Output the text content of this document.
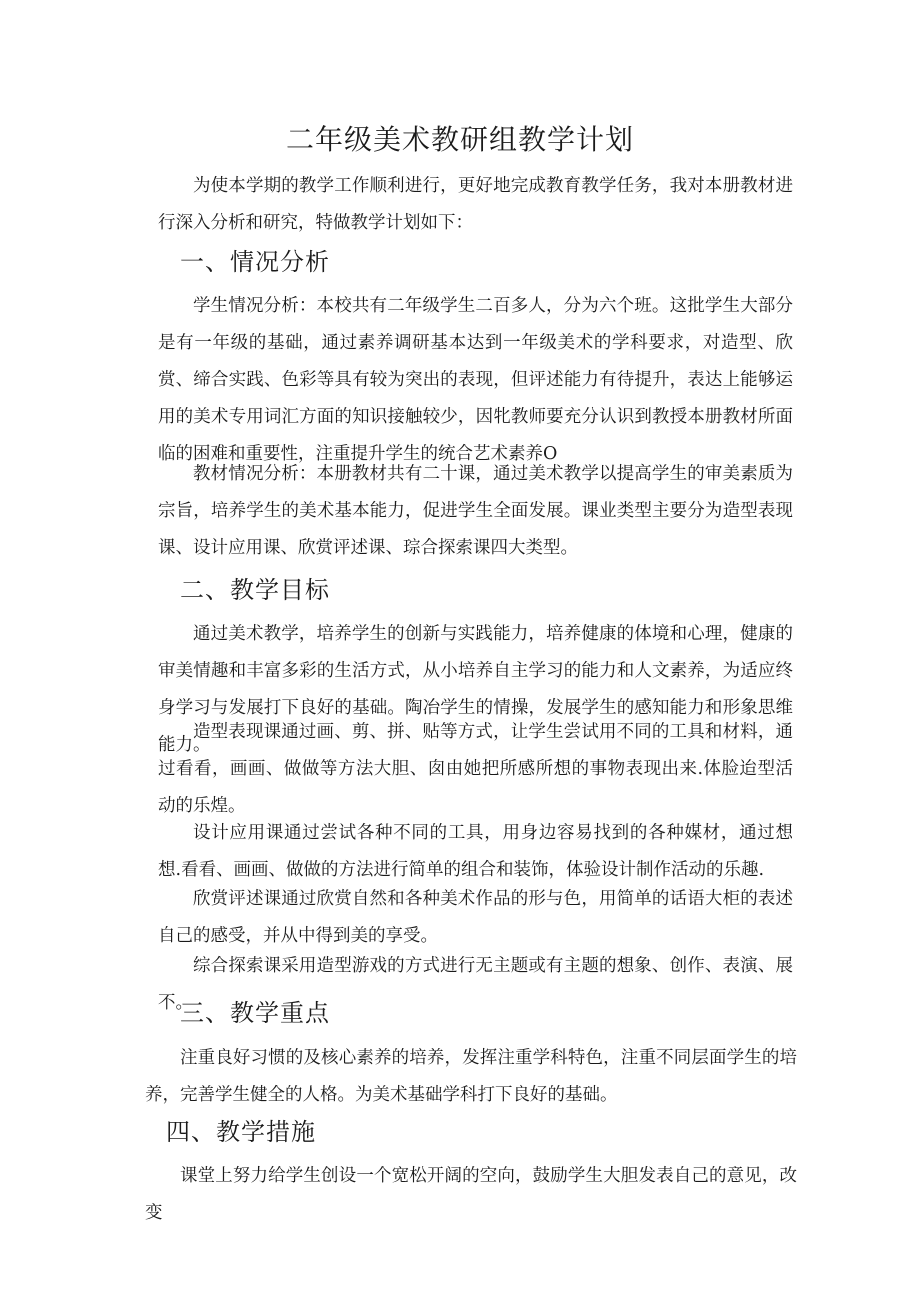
二年级美术教研组教学计划

为使本学期的教学工作顺利进行，更好地完成教育教学任务，我对本册教材进行深入分析和研究，特做教学计划如下：

一、情况分析

学生情况分析：本校共有二年级学生二百多人，分为六个班。这批学生大部分是有一年级的基础，通过素养调研基本达到一年级美术的学科要求，对造型、欣赏、缔合实践、色彩等具有较为突出的表现，但评述能力有待提升，表达上能够运用的美术专用词汇方面的知识接触较少，因牝教师要充分认识到教授本册教材所面临的困难和重要性，注重提升学生的统合艺术素养O

教材情况分析：本册教材共有二十课，通过美术教学以提高学生的审美素质为宗旨，培养学生的美术基本能力，促进学生全面发展。课业类型主要分为造型表现课、设计应用课、欣赏评述课、琮合探索课四大类型。

二、教学目标

通过美术教学，培养学生的创新与实践能力，培养健康的体境和心理，健康的审美情趣和丰富多彩的生活方式，从小培养自主学习的能力和人文素养，为适应终身学习与发展打下良好的基础。陶冶学生的情操，发展学生的感知能力和形象思维能力。

造型表现课通过画、剪、拼、贴等方式，让学生尝试用不同的工具和材料，通过看看，画画、做做等方法大胆、囱由她把所感所想的事物表现出来.体脸迨型活动的乐煌。

设计应用课通过尝试各种不同的工具，用身边容易找到的各种媒材，通过想想.看看、画画、做做的方法进行简单的组合和装饰，体验设计制作活动的乐趣.

欣赏评述课通过欣赏自然和各种美术作品的形与色，用简单的话语大柜的表述自己的感受，并从中得到美的享受。

综合探索课采用造型游戏的方式进行无主题或有主题的想象、创作、表演、展不。

三、教学重点

注重良好习惯的及核心素养的培养，发挥注重学科特色，注重不同层面学生的培养，完善学生健全的人格。为美术基础学科打下良好的基础。

四、教学措施

课堂上努力给学生创设一个宽松开阔的空向，鼓励学生大胆发表自己的意见，改变
